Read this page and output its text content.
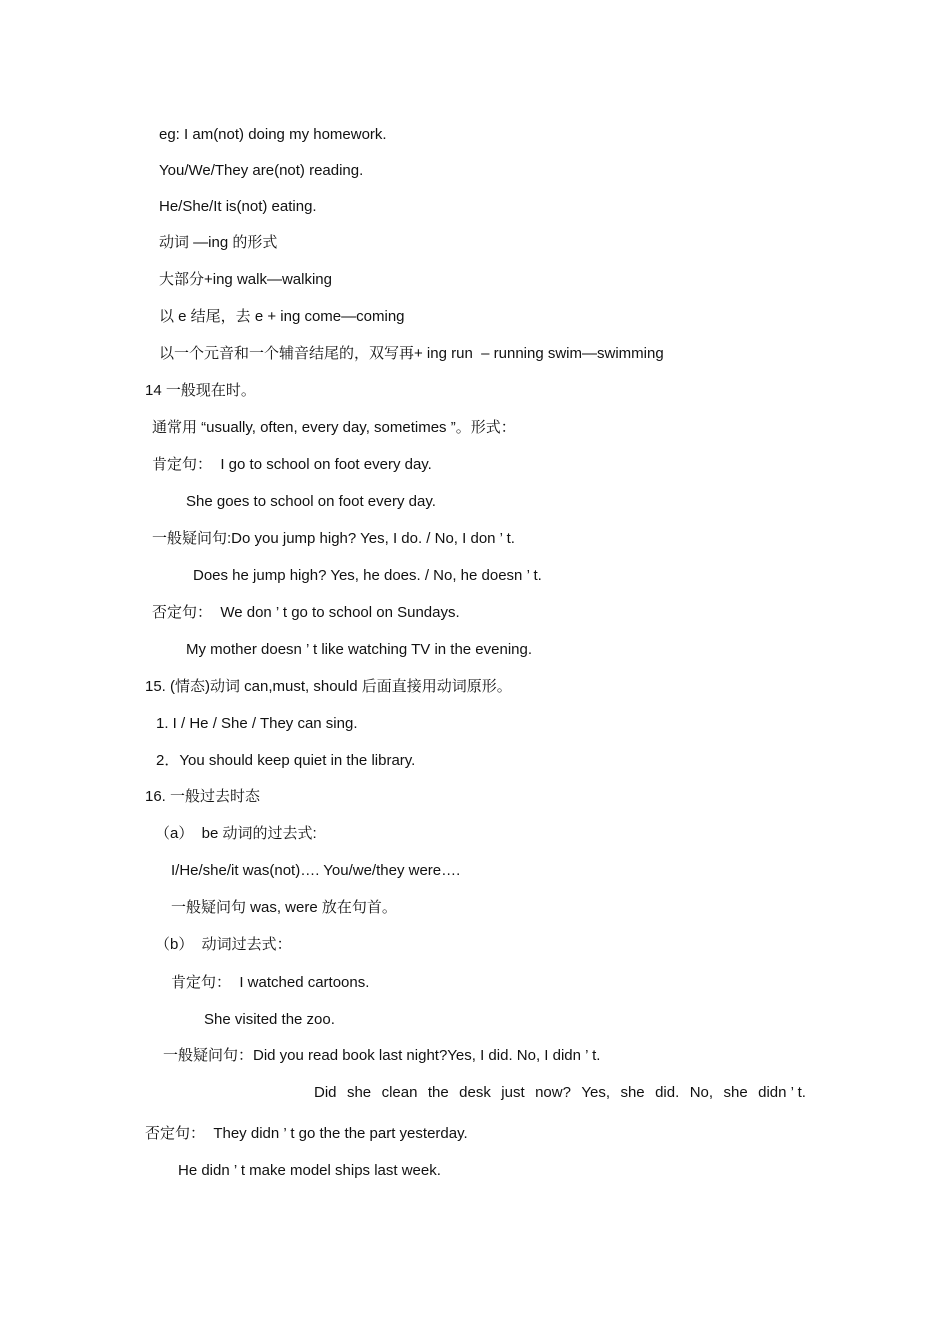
eg: I am(not) doing my homework.
You/We/They are(not) reading.
He/She/It is(not) eating.
动词 —ing 的形式
大部分+ing walk—walking
以 e 结尾，去 e + ing come—coming
以一个元音和一个辅音结尾的，双写再+ ing run  – running swim—swimming
14 一般现在时。
通常用 “usually, often, every day, sometimes ”。形式：
肯定句：  I go to school on foot every day.
She goes to school on foot every day.
一般疑问句:Do you jump high? Yes, I do. / No, I don ’ t.
Does he jump high? Yes, he does. / No, he doesn ’ t.
否定句：  We don ’ t go to school on Sundays.
My mother doesn ’ t like watching TV in the evening.
15. (情态)动词 can,must, should 后面直接用动词原形。
1. I / He / She / They can sing.
2．You should keep quiet in the library.
16. 一般过去时态
（a）  be 动词的过去式:
I/He/she/it was(not)…. You/we/they were….
一般疑问句 was, were 放在句首。
（b）  动词过去式：
肯定句：  I watched cartoons.
She visited the zoo.
一般疑问句：Did you read book last night?Yes, I did. No, I didn ’ t.
Did she clean the desk just now? Yes, she did. No, she didn ’ t.
否定句：  They didn ’ t go the the part yesterday.
He didn ’ t make model ships last week.
